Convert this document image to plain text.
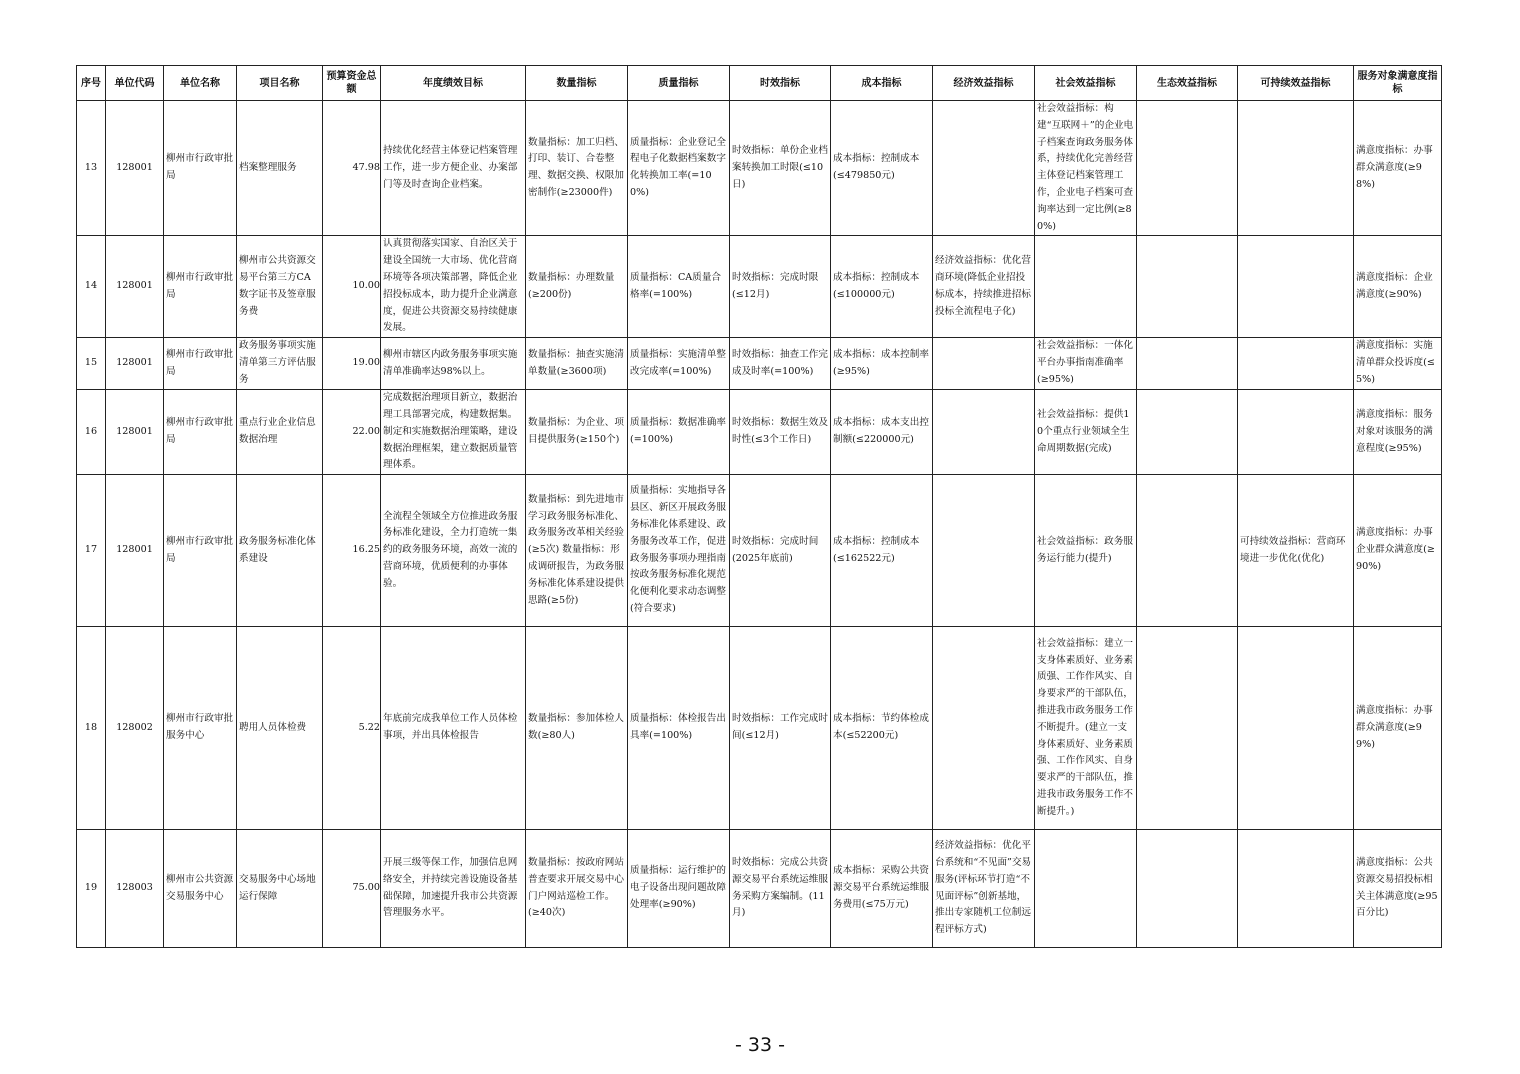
序号	单位代码	单位名称	项目名称	预算资金总额	年度绩效目标	数量指标	质量指标	时效指标	成本指标	经济效益指标	社会效益指标	生态效益指标	可持续效益指标	服务对象满意度指标
13	128001	柳州市行政审批局	档案整理服务	47.98	持续优化经营主体登记档案管理工作，进一步方便企业、办案部门等及时查询企业档案。	数量指标：加工归档、打印、装订、合卷整理、数据交换、权限加密制作(≥23000件)	质量指标：企业登记全程电子化数据档案数字化转换加工率(=100%)	时效指标：单份企业档案转换加工时限(≤10日)	成本指标：控制成本(≤479850元)		社会效益指标：构建“互联网＋”的企业电子档案查询政务服务体系，持续优化完善经营主体登记档案管理工作，企业电子档案可查询率达到一定比例(≥80%)			满意度指标：办事群众满意度(≥98%)
14	128001	柳州市行政审批局	柳州市公共资源交易平台第三方CA数字证书及签章服务费	10.00	认真贯彻落实国家、自治区关于建设全国统一大市场、优化营商环境等各项决策部署，降低企业招投标成本，助力提升企业满意度，促进公共资源交易持续健康发展。	数量指标：办理数量(≥200份)	质量指标：CA质量合格率(=100%)	时效指标：完成时限(≤12月)	成本指标：控制成本(≤100000元)	经济效益指标：优化营商环境(降低企业招投标成本，持续推进招标投标全流程电子化)				满意度指标：企业满意度(≥90%)
15	128001	柳州市行政审批局	政务服务事项实施清单第三方评估服务	19.00	柳州市辖区内政务服务事项实施清单准确率达98%以上。	数量指标：抽查实施清单数量(≥3600项)	质量指标：实施清单整改完成率(=100%)	时效指标：抽查工作完成及时率(=100%)	成本指标：成本控制率(≥95%)		社会效益指标：一体化平台办事指南准确率(≥95%)			满意度指标：实施清单群众投诉度(≤5%)
16	128001	柳州市行政审批局	重点行业企业信息数据治理	22.00	完成数据治理项目新立，数据治理工具部署完成，构建数据集。制定和实施数据治理策略，建设数据治理框架，建立数据质量管理体系。	数量指标：为企业、项目提供服务(≥150个)	质量指标：数据准确率(=100%)	时效指标：数据生效及时性(≤3个工作日)	成本指标：成本支出控制额(≤220000元)		社会效益指标：提供10个重点行业领域全生命周期数据(完成)			满意度指标：服务对象对该服务的满意程度(≥95%)
17	128001	柳州市行政审批局	政务服务标准化体系建设	16.25	全流程全领域全方位推进政务服务标准化建设，全力打造统一集约的政务服务环境，高效一流的营商环境，优质便利的办事体验。	数量指标：到先进地市学习政务服务标准化、政务服务改革相关经验(≥5次) 数量指标：形成调研报告，为政务服务标准化体系建设提供思路(≥5份)	质量指标：实地指导各县区、新区开展政务服务标准化体系建设、政务服务改革工作，促进政务服务事项办理指南按政务服务标准化规范化便利化要求动态调整(符合要求)	时效指标：完成时间(2025年底前)	成本指标：控制成本(≤162522元)		社会效益指标：政务服务运行能力(提升)		可持续效益指标：营商环境进一步优化(优化)	满意度指标：办事企业群众满意度(≥90%)
18	128002	柳州市行政审批服务中心	聘用人员体检费	5.22	年底前完成我单位工作人员体检事项，并出具体检报告	数量指标：参加体检人数(≥80人)	质量指标：体检报告出具率(=100%)	时效指标：工作完成时间(≤12月)	成本指标：节约体检成本(≤52200元)		社会效益指标：建立一支身体素质好、业务素质强、工作作风实、自身要求严的干部队伍，推进我市政务服务工作不断提升。(建立一支身体素质好、业务素质强、工作作风实、自身要求严的干部队伍，推进我市政务服务工作不断提升。)			满意度指标：办事群众满意度(≥99%)
19	128003	柳州市公共资源交易服务中心	交易服务中心场地运行保障	75.00	开展三级等保工作，加强信息网络安全，并持续完善设施设备基础保障，加速提升我市公共资源管理服务水平。	数量指标：按政府网站普查要求开展交易中心门户网站巡检工作。(≥40次)	质量指标：运行维护的电子设备出现问题故障处理率(≥90%)	时效指标：完成公共资源交易平台系统运维服务采购方案编制。(11月)	成本指标：采购公共资源交易平台系统运维服务费用(≤75万元)	经济效益指标：优化平台系统和“不见面”交易服务(评标环节打造“不见面评标”创新基地，推出专家随机工位制远程评标方式)				满意度指标：公共资源交易招投标相关主体满意度(≥95百分比)
- 33 -
